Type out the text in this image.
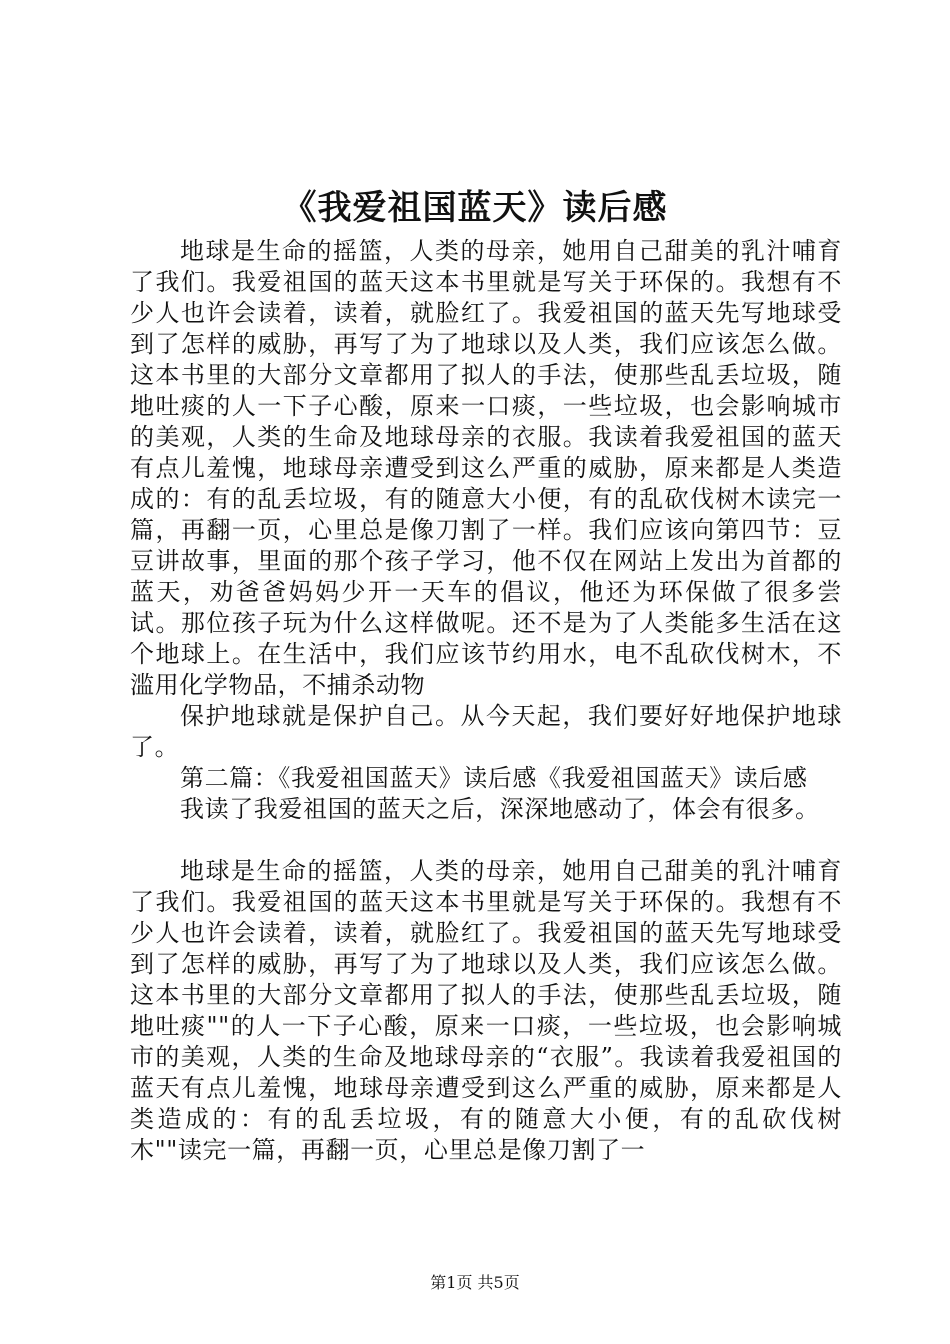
《我爱祖国蓝天》读后感

地球是生命的摇篮，人类的母亲，她用自己甜美的乳汁哺育了我们。我爱祖国的蓝天这本书里就是写关于环保的。我想有不少人也许会读着，读着，就脸红了。我爱祖国的蓝天先写地球受到了怎样的威胁，再写了为了地球以及人类，我们应该怎么做。这本书里的大部分文章都用了拟人的手法，使那些乱丢垃圾，随地吐痰的人一下子心酸，原来一口痰，一些垃圾，也会影响城市的美观，人类的生命及地球母亲的衣服。我读着我爱祖国的蓝天有点儿羞愧，地球母亲遭受到这么严重的威胁，原来都是人类造成的：有的乱丢垃圾，有的随意大小便，有的乱砍伐树木读完一篇，再翻一页，心里总是像刀割了一样。我们应该向第四节：豆豆讲故事，里面的那个孩子学习，他不仅在网站上发出为首都的蓝天，劝爸爸妈妈少开一天车的倡议，他还为环保做了很多尝试。那位孩子玩为什么这样做呢。还不是为了人类能多生活在这个地球上。在生活中，我们应该节约用水，电不乱砍伐树木，不滥用化学物品，不捕杀动物

保护地球就是保护自己。从今天起，我们要好好地保护地球了。

第二篇：《我爱祖国蓝天》读后感《我爱祖国蓝天》读后感

我读了我爱祖国的蓝天之后，深深地感动了，体会有很多。

地球是生命的摇篮，人类的母亲，她用自己甜美的乳汁哺育了我们。我爱祖国的蓝天这本书里就是写关于环保的。我想有不少人也许会读着，读着，就脸红了。我爱祖国的蓝天先写地球受到了怎样的威胁，再写了为了地球以及人类，我们应该怎么做。这本书里的大部分文章都用了拟人的手法，使那些乱丢垃圾，随地吐痰""的人一下子心酸，原来一口痰，一些垃圾，也会影响城市的美观，人类的生命及地球母亲的“衣服”。我读着我爱祖国的蓝天有点儿羞愧，地球母亲遭受到这么严重的威胁，原来都是人类造成的：有的乱丢垃圾，有的随意大小便，有的乱砍伐树木""读完一篇，再翻一页，心里总是像刀割了一

第1页 共5页
